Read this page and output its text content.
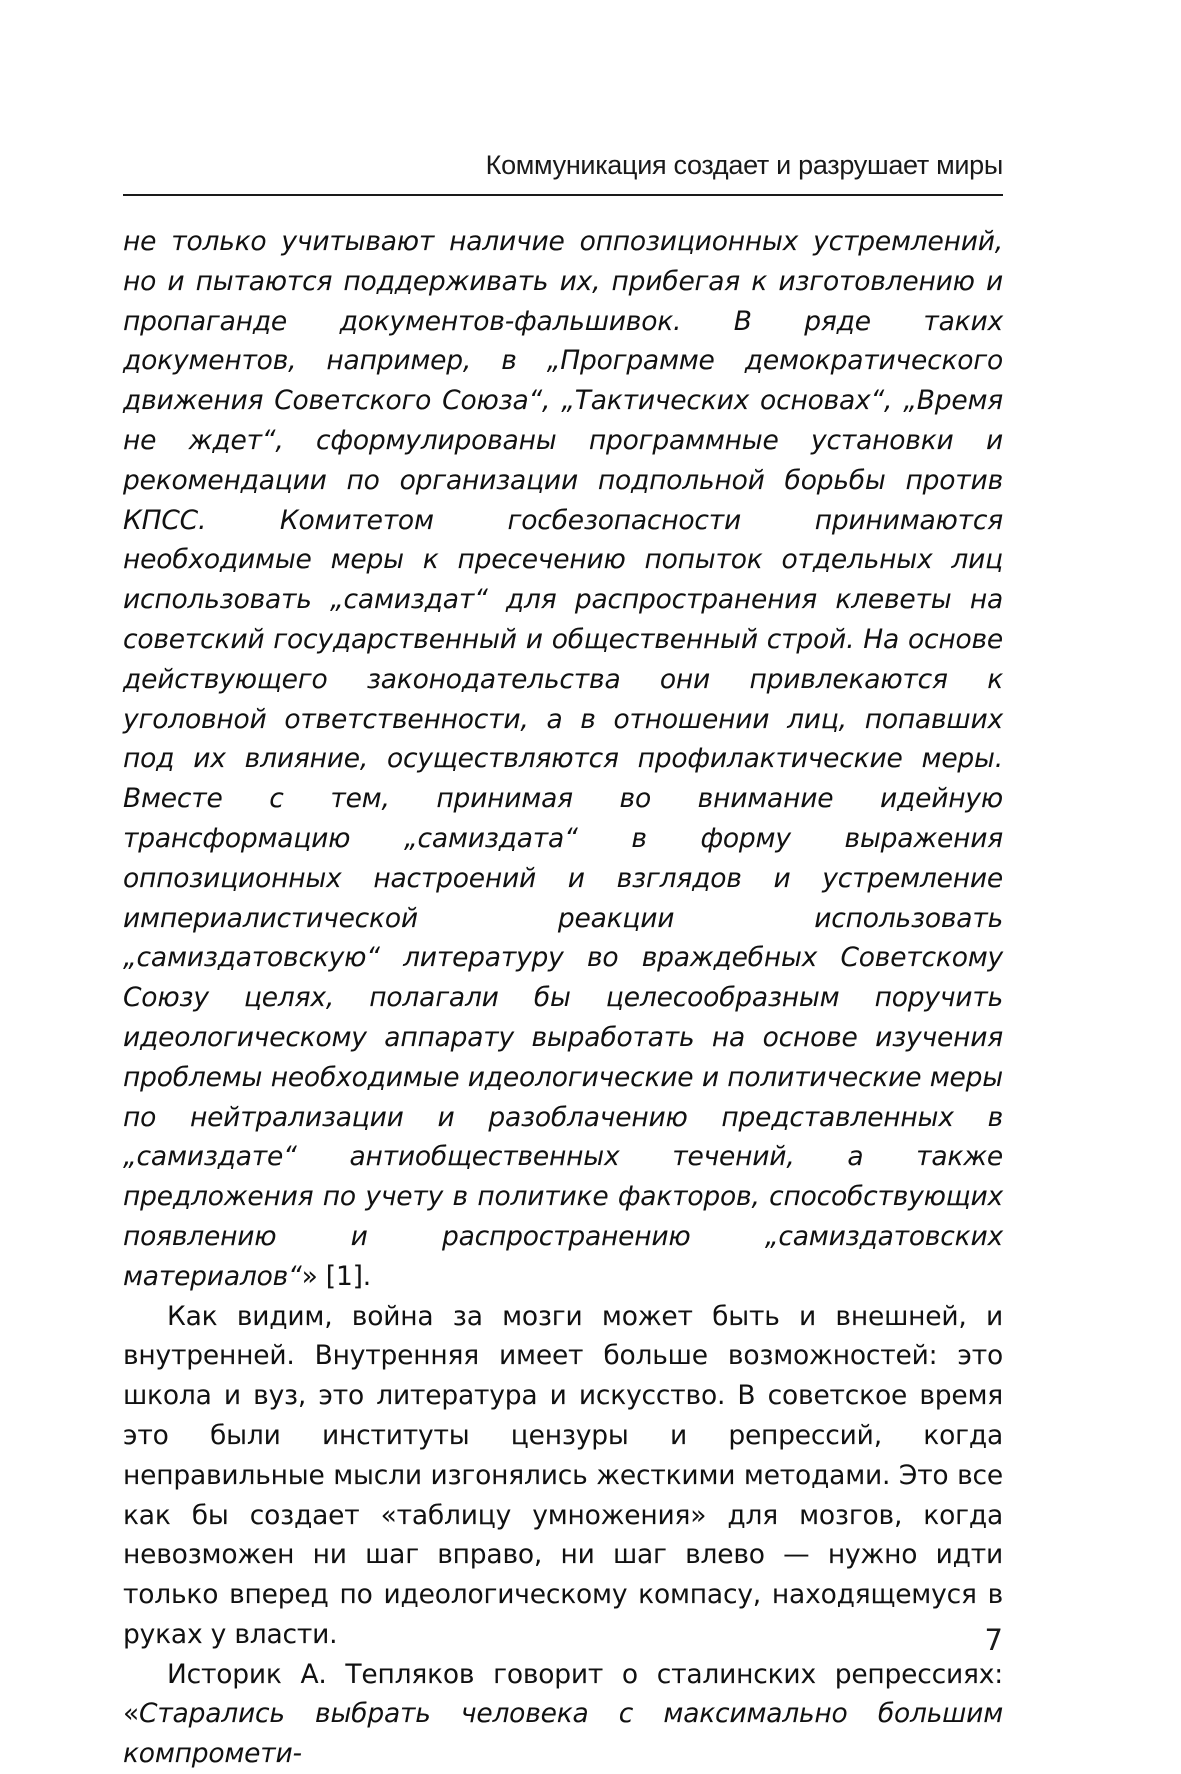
Коммуникация создает и разрушает миры

не только учитывают наличие оппозиционных устремлений, но и пытаются поддерживать их, прибегая к изготовлению и пропаганде документов-фальшивок. В ряде таких документов, например, в „Программе демократического движения Советского Союза“, „Тактических основах“, „Время не ждет“, сформулированы программные установки и рекомендации по организации подпольной борьбы против КПСС. Комитетом госбезопасности принимаются необходимые меры к пресечению попыток отдельных лиц использовать „самиздат“ для распространения клеветы на советский государственный и общественный строй. На основе действующего законодательства они привлекаются к уголовной ответственности, а в отношении лиц, попавших под их влияние, осуществляются профилактические меры. Вместе с тем, принимая во внимание идейную трансформацию „самиздата“ в форму выражения оппозиционных настроений и взглядов и устремление империалистической реакции использовать „самиздатовскую“ литературу во враждебных Советскому Союзу целях, полагали бы целесообразным поручить идеологическому аппарату выработать на основе изучения проблемы необходимые идеологические и политические меры по нейтрализации и разоблачению представленных в „самиздате“ антиобщественных течений, а также предложения по учету в политике факторов, способствующих появлению и распространению „самиздатовских материалов“» [1].

Как видим, война за мозги может быть и внешней, и внутренней. Внутренняя имеет больше возможностей: это школа и вуз, это литература и искусство. В советское время это были институты цензуры и репрессий, когда неправильные мысли изгонялись жесткими методами. Это все как бы создает «таблицу умножения» для мозгов, когда невозможен ни шаг вправо, ни шаг влево — нужно идти только вперед по идеологическому компасу, находящемуся в руках у власти.

Историк А. Тепляков говорит о сталинских репрессиях: «Старались выбрать человека с максимально большим компромети-

7
